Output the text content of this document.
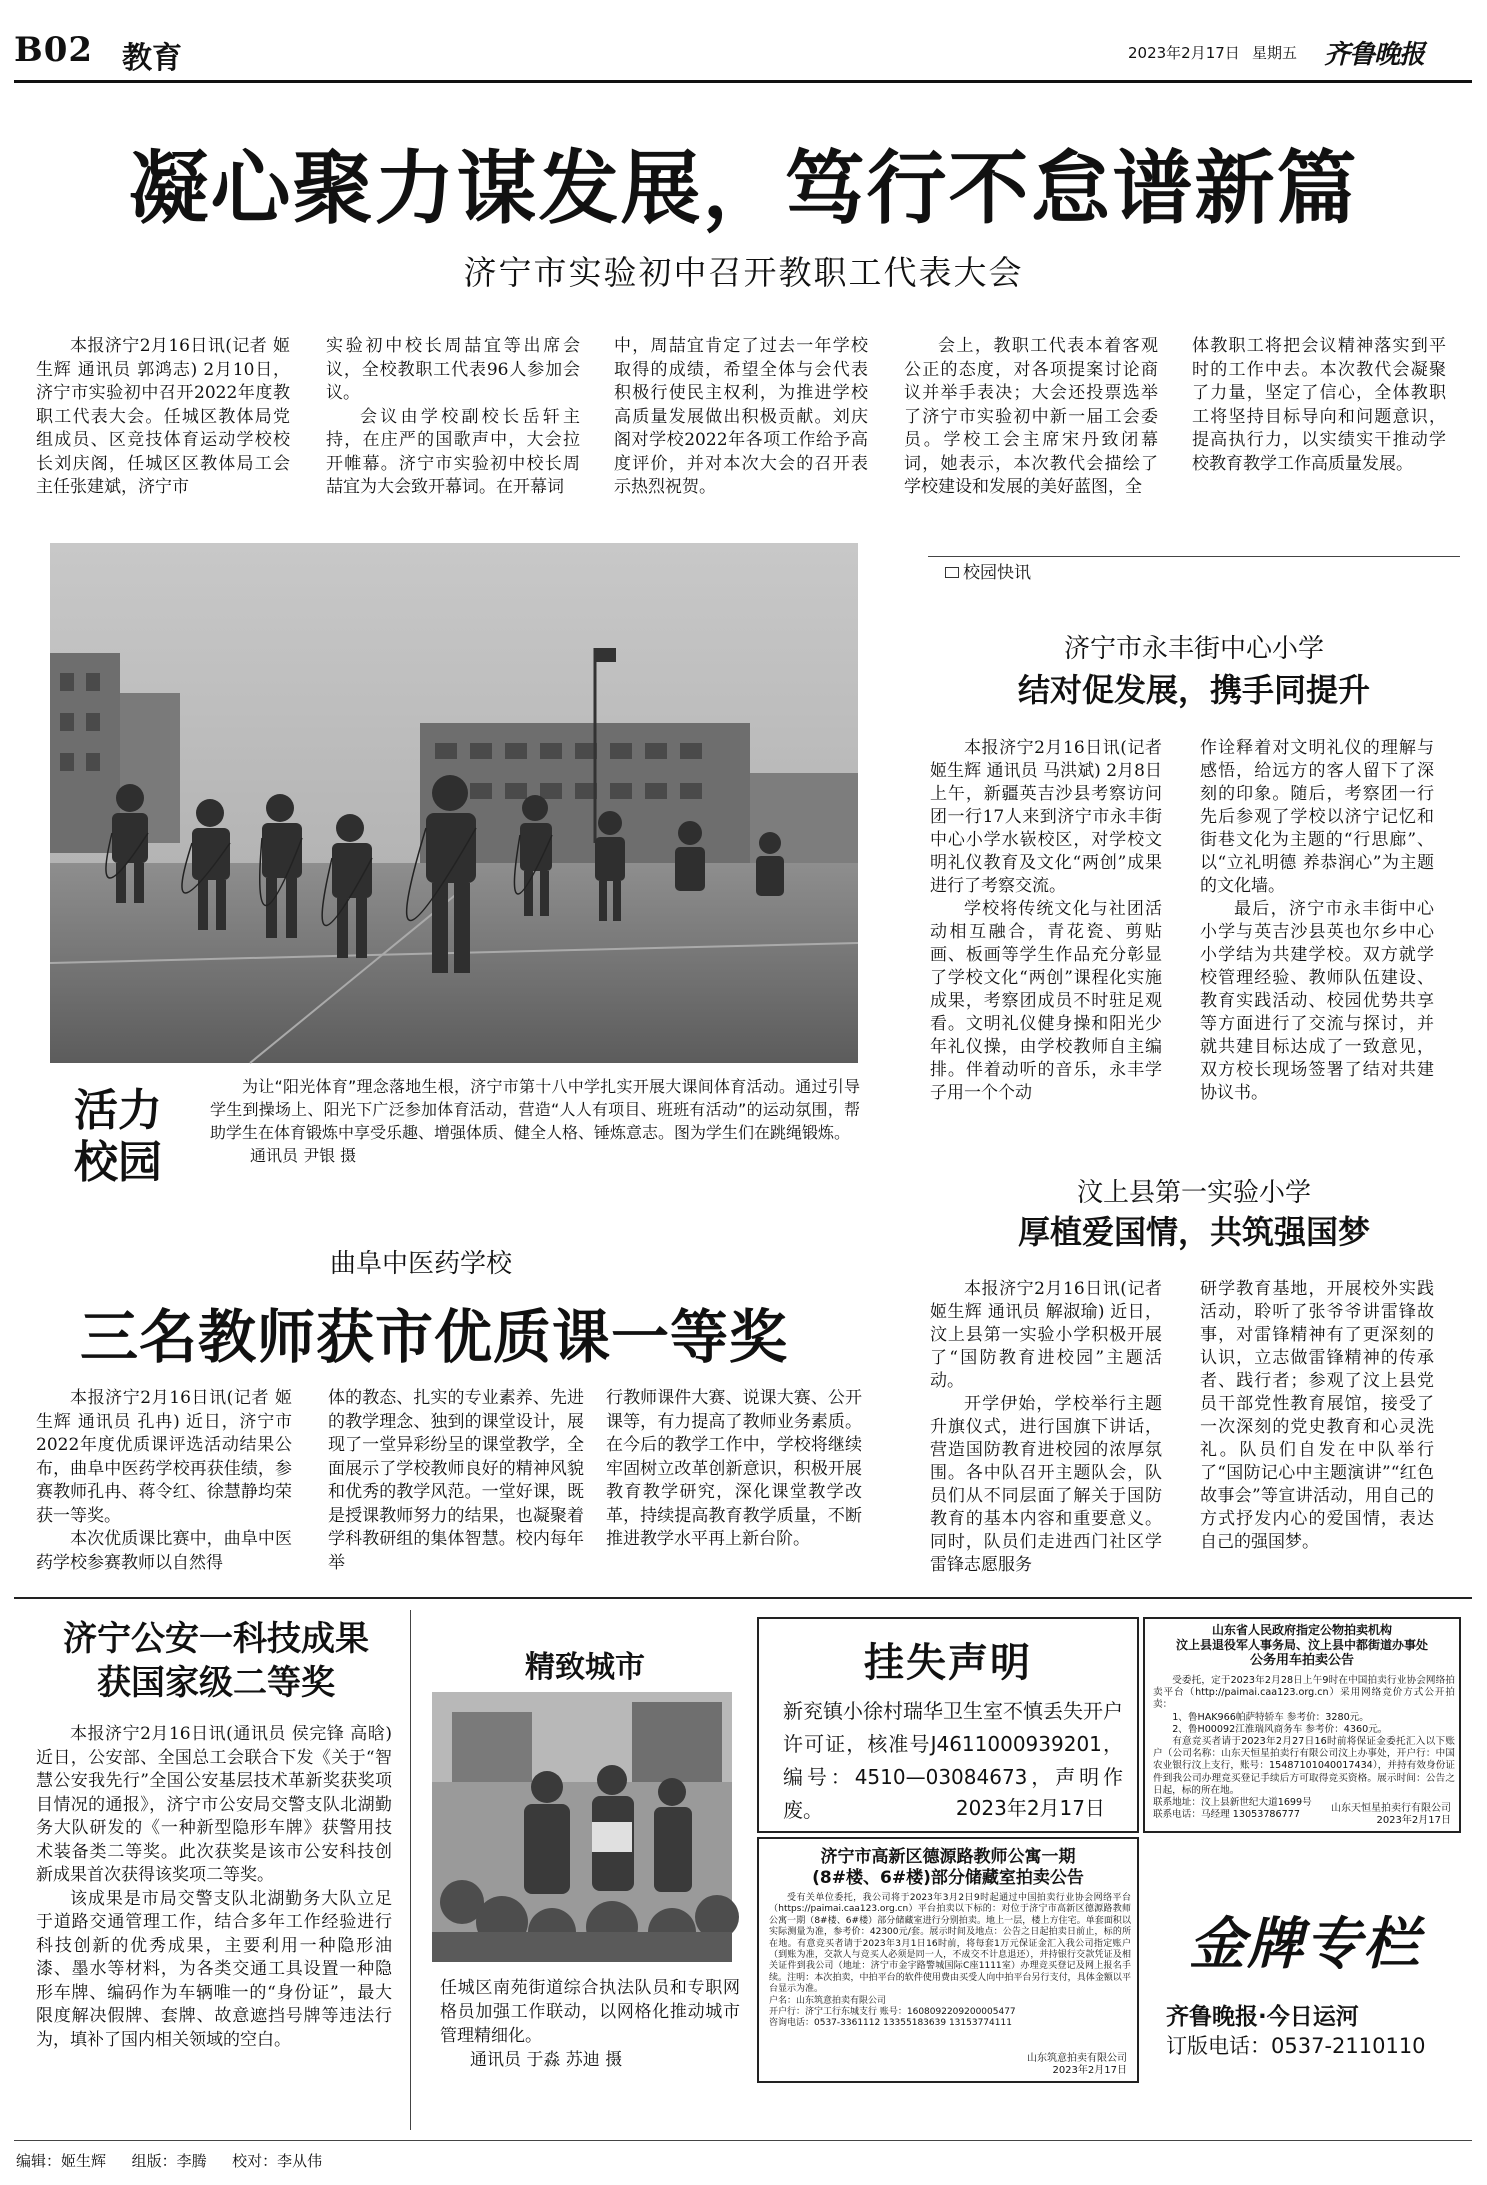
B02 教育	2023年2月17日 星期五 齐鲁晚报
凝心聚力谋发展，笃行不怠谱新篇
济宁市实验初中召开教职工代表大会

本报济宁2月16日讯(记者 姬生辉 通讯员 郭鸿志) 2月10日，济宁市实验初中召开2022年度教职工代表大会。任城区教体局党组成员、区竞技体育运动学校校长刘庆阁，任城区区教体局工会主任张建斌，济宁市

实验初中校长周喆宜等出席会议，全校教职工代表96人参加会议。

会议由学校副校长岳轩主持，在庄严的国歌声中，大会拉开帷幕。济宁市实验初中校长周喆宜为大会致开幕词。在开幕词

中，周喆宜肯定了过去一年学校取得的成绩，希望全体与会代表积极行使民主权利，为推进学校高质量发展做出积极贡献。刘庆阁对学校2022年各项工作给予高度评价，并对本次大会的召开表示热烈祝贺。

会上，教职工代表本着客观公正的态度，对各项提案讨论商议并举手表决；大会还投票选举了济宁市实验初中新一届工会委员。学校工会主席宋丹致闭幕词，她表示，本次教代会描绘了学校建设和发展的美好蓝图，全

体教职工将把会议精神落实到平时的工作中去。本次教代会凝聚了力量，坚定了信心，全体教职工将坚持目标导向和问题意识，提高执行力，以实绩实干推动学校教育教学工作高质量发展。

活力
校园
为让“阳光体育”理念落地生根，济宁市第十八中学扎实开展大课间体育活动。通过引导学生到操场上、阳光下广泛参加体育活动，营造“人人有项目、班班有活动”的运动氛围，帮助学生在体育锻炼中享受乐趣、增强体质、健全人格、锤炼意志。图为学生们在跳绳锻炼。
通讯员 尹银 摄
校园快讯
济宁市永丰街中心小学
结对促发展，携手同提升

本报济宁2月16日讯(记者 姬生辉 通讯员 马洪斌) 2月8日上午，新疆英吉沙县考察访问团一行17人来到济宁市永丰街中心小学水嵚校区，对学校文明礼仪教育及文化“两创”成果进行了考察交流。

学校将传统文化与社团活动相互融合，青花瓷、剪贴画、板画等学生作品充分彰显了学校文化“两创”课程化实施成果，考察团成员不时驻足观看。文明礼仪健身操和阳光少年礼仪操，由学校教师自主编排。伴着动听的音乐，永丰学子用一个个动

作诠释着对文明礼仪的理解与感悟，给远方的客人留下了深刻的印象。随后，考察团一行先后参观了学校以济宁记忆和街巷文化为主题的“行思廊”、以“立礼明德 养恭润心”为主题的文化墙。

最后，济宁市永丰街中心小学与英吉沙县英也尔乡中心小学结为共建学校。双方就学校管理经验、教师队伍建设、教育实践活动、校园优势共享等方面进行了交流与探讨，并就共建目标达成了一致意见，双方校长现场签署了结对共建协议书。

汶上县第一实验小学
厚植爱国情，共筑强国梦

本报济宁2月16日讯(记者 姬生辉 通讯员 解淑瑜) 近日，汶上县第一实验小学积极开展了“国防教育进校园”主题活动。

开学伊始，学校举行主题升旗仪式，进行国旗下讲话，营造国防教育进校园的浓厚氛围。各中队召开主题队会，队员们从不同层面了解关于国防教育的基本内容和重要意义。同时，队员们走进西门社区学雷锋志愿服务

研学教育基地，开展校外实践活动，聆听了张爷爷讲雷锋故事，对雷锋精神有了更深刻的认识，立志做雷锋精神的传承者、践行者；参观了汶上县党员干部党性教育展馆，接受了一次深刻的党史教育和心灵洗礼。队员们自发在中队举行了“国防记心中主题演讲”“红色故事会”等宣讲活动，用自己的方式抒发内心的爱国情，表达自己的强国梦。

曲阜中医药学校
三名教师获市优质课一等奖

本报济宁2月16日讯(记者 姬生辉 通讯员 孔冉) 近日，济宁市2022年度优质课评选活动结果公布，曲阜中医药学校再获佳绩，参赛教师孔冉、蒋令红、徐慧静均荣获一等奖。

本次优质课比赛中，曲阜中医药学校参赛教师以自然得

体的教态、扎实的专业素养、先进的教学理念、独到的课堂设计，展现了一堂异彩纷呈的课堂教学，全面展示了学校教师良好的精神风貌和优秀的教学风范。一堂好课，既是授课教师努力的结果，也凝聚着学科教研组的集体智慧。校内每年举

行教师课件大赛、说课大赛、公开课等，有力提高了教师业务素质。在今后的教学工作中，学校将继续牢固树立改革创新意识，积极开展教育教学研究，深化课堂教学改革，持续提高教育教学质量，不断推进教学水平再上新台阶。

济宁公安一科技成果
获国家级二等奖

本报济宁2月16日讯(通讯员 侯完锋 高晗) 近日，公安部、全国总工会联合下发《关于“智慧公安我先行”全国公安基层技术革新奖获奖项目情况的通报》，济宁市公安局交警支队北湖勤务大队研发的《一种新型隐形车牌》获警用技术装备类二等奖。此次获奖是该市公安科技创新成果首次获得该奖项二等奖。

该成果是市局交警支队北湖勤务大队立足于道路交通管理工作，结合多年工作经验进行科技创新的优秀成果，主要利用一种隐形油漆、墨水等材料，为各类交通工具设置一种隐形车牌、编码作为车辆唯一的“身份证”，最大限度解决假牌、套牌、故意遮挡号牌等违法行为，填补了国内相关领域的空白。

精致城市
任城区南苑街道综合执法队员和专职网格员加强工作联动，以网格化推动城市管理精细化。
通讯员 于淼 苏迪 摄
挂失声明
新兖镇小徐村瑞华卫生室不慎丢失开户许可证，核准号J4611000939201，编号：4510—03084673，声明作废。	2023年2月17日
山东省人民政府指定公物拍卖机构
汶上县退役军人事务局、汶上县中都街道办事处
公务用车拍卖公告
受委托，定于2023年2月28日上午9时在中国拍卖行业协会网络拍卖平台（http://paimai.caa123.org.cn）采用网络竞价方式公开拍卖：
1、鲁HAK966帕萨特轿车 参考价：3280元。
2、鲁H00092江淮瑞风商务车 参考价：4360元。
有意竞买者请于2023年2月27日16时前将保证金委托汇入以下账户（公司名称：山东天恒星拍卖行有限公司汶上办事处，开户行：中国农业银行汶上支行，账号：15487101040017434），并持有效身份证件到我公司办理竞买登记手续后方可取得竞买资格。展示时间：公告之日起，标的所在地。
联系地址：汶上县新世纪大道1699号
联系电话：马经理 13053786777
山东天恒星拍卖行有限公司
2023年2月17日
济宁市高新区德源路教师公寓一期
(8#楼、6#楼)部分储藏室拍卖公告
受有关单位委托，我公司将于2023年3月2日9时起通过中国拍卖行业协会网络平台（https://paimai.caa123.org.cn）平台拍卖以下标的：对位于济宁市高新区德源路教师公寓一期（8#楼、6#楼）部分储藏室进行分别拍卖。地上一层，楼上方住宅。单套面积以实际测量为准，参考价：42300元/套。展示时间及地点：公告之日起拍卖日前止，标的所在地。有意竞买者请于2023年3月1日16时前，将每套1万元保证金汇入我公司指定账户（到账为准，交款人与竞买人必须是同一人，不成交不计息退还），并持银行交款凭证及相关证件到我公司（地址：济宁市金宇路警城国际C座1111室）办理竞买登记及网上报名手续。注明：本次拍卖，中拍平台的软件使用费由买受人向中拍平台另行支付，具体金额以平台显示为准。
户名：山东筑意拍卖有限公司
开户行：济宁工行东城支行 账号：1608092209200005477
咨询电话：0537-3361112 13355183639 13153774111
山东筑意拍卖有限公司
2023年2月17日
金牌专栏
齐鲁晚报·今日运河
订版电话：0537-2110110
编辑：姬生辉 组版：李腾 校对：李从伟
